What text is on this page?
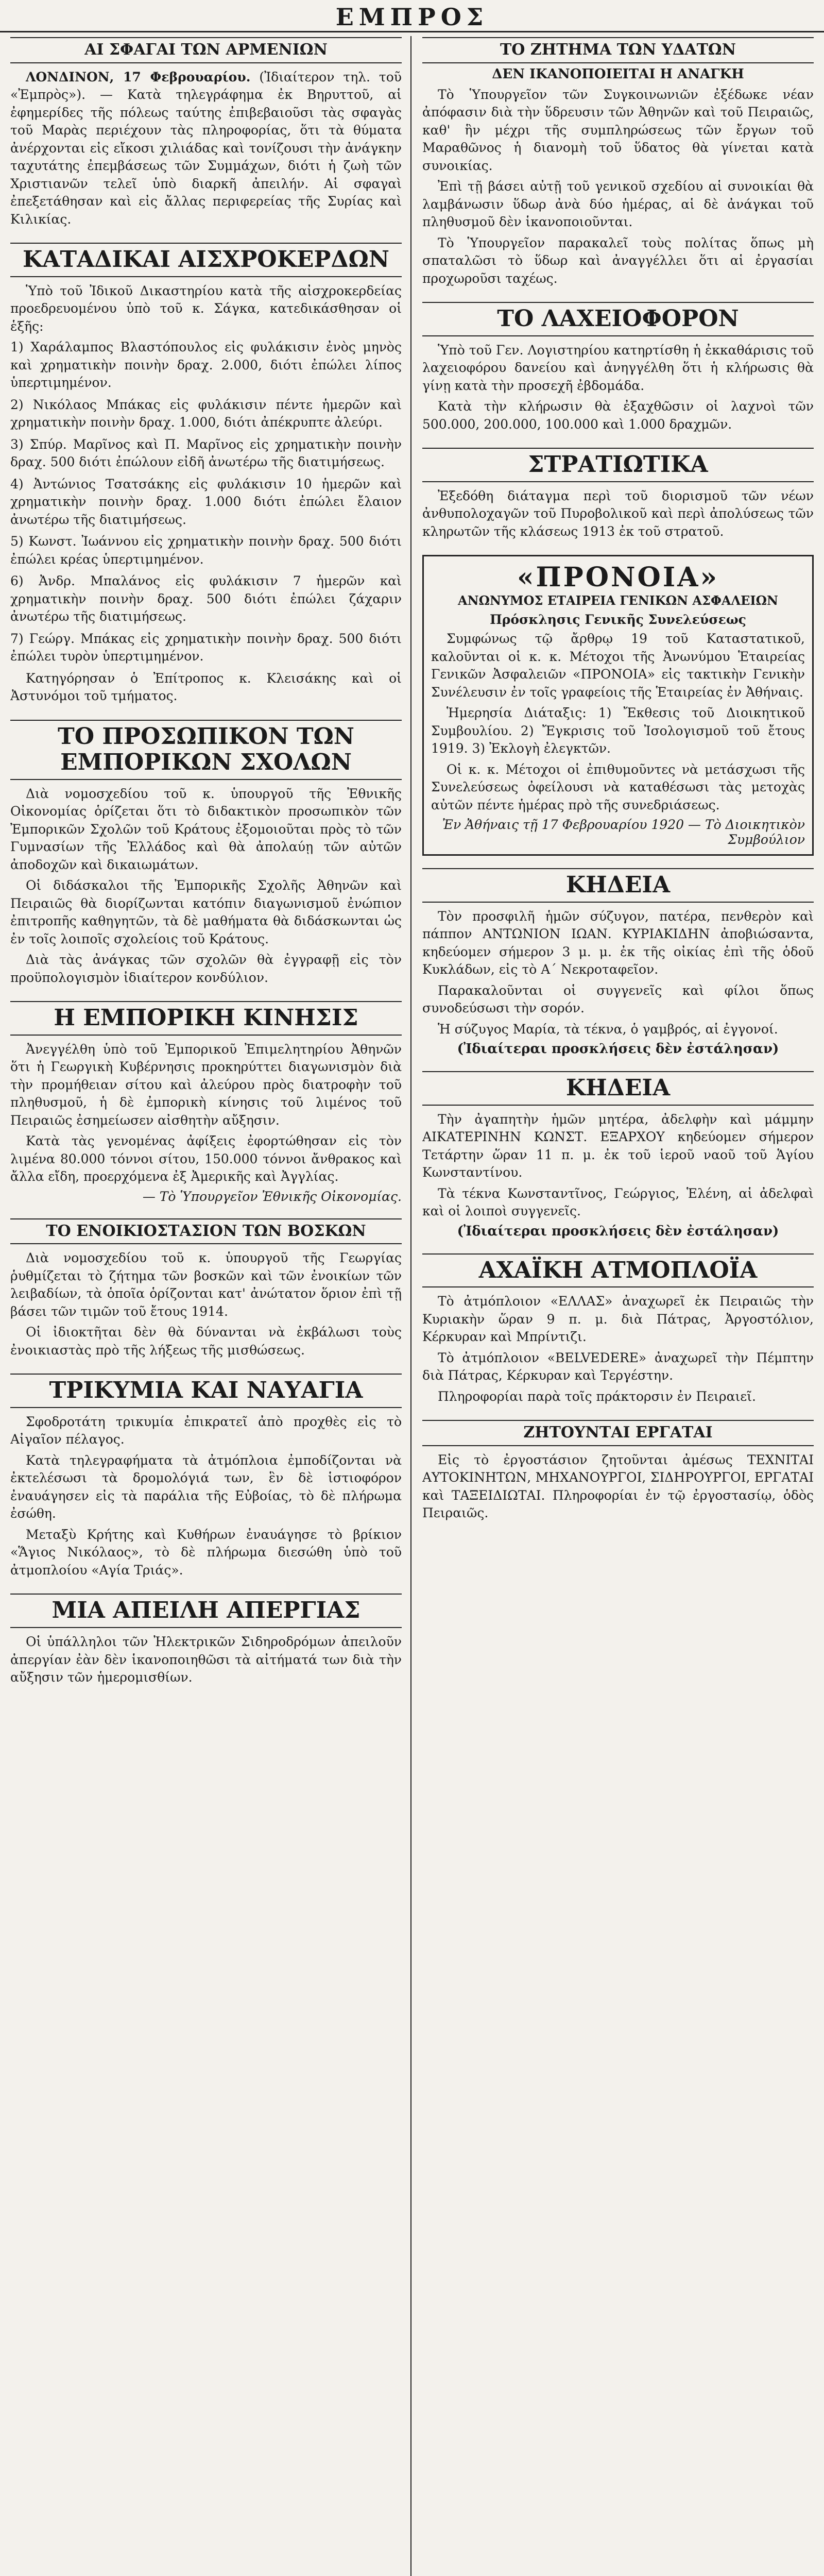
ΕΜΠΡΟΣ
ΑΙ ΣΦΑΓΑΙ ΤΩΝ ΑΡΜΕΝΙΩΝ

ΛΟΝΔΙΝΟΝ, 17 Φεβρουαρίου. (Ἰδιαίτερον τηλ. τοῦ «Ἐμπρὸς»). — Κατὰ τηλεγράφημα ἐκ Βηρυττοῦ, αἱ ἐφημερίδες τῆς πόλεως ταύτης ἐπιβεβαιοῦσι τὰς σφαγὰς τοῦ Μαρὰς περιέχουν τὰς πληροφορίας, ὅτι τὰ θύματα ἀνέρχονται εἰς εἴκοσι χιλιάδας καὶ τονίζουσι τὴν ἀνάγκην ταχυτάτης ἐπεμβάσεως τῶν Συμμάχων, διότι ἡ ζωὴ τῶν Χριστιανῶν τελεῖ ὑπὸ διαρκῆ ἀπειλήν. Αἱ σφαγαὶ ἐπεξετάθησαν καὶ εἰς ἄλλας περιφερείας τῆς Συρίας καὶ Κιλικίας.

ΚΑΤΑΔΙΚΑΙ ΑΙΣΧΡΟΚΕΡΔΩΝ

Ὑπὸ τοῦ Ἰδικοῦ Δικαστηρίου κατὰ τῆς αἰσχροκερδείας προεδρευομένου ὑπὸ τοῦ κ. Σάγκα, κατεδικάσθησαν οἱ ἑξῆς:

1) Χαράλαμπος Βλαστόπουλος εἰς φυλάκισιν ἐνὸς μηνὸς καὶ χρηματικὴν ποινὴν δραχ. 2.000, διότι ἐπώλει λίπος ὑπερτιμημένον.
2) Νικόλαος Μπάκας εἰς φυλάκισιν πέντε ἡμερῶν καὶ χρηματικὴν ποινὴν δραχ. 1.000, διότι ἀπέκρυπτε ἀλεύρι.
3) Σπύρ. Μαρῖνος καὶ Π. Μαρῖνος εἰς χρηματικὴν ποινὴν δραχ. 500 διότι ἐπώλουν εἰδῆ ἀνωτέρω τῆς διατιμήσεως.
4) Ἀντώνιος Τσατσάκης εἰς φυλάκισιν 10 ἡμερῶν καὶ χρηματικὴν ποινὴν δραχ. 1.000 διότι ἐπώλει ἔλαιον ἀνωτέρω τῆς διατιμήσεως.
5) Κωνστ. Ἰωάννου εἰς χρηματικὴν ποινὴν δραχ. 500 διότι ἐπώλει κρέας ὑπερτιμημένον.
6) Ἀνδρ. Μπαλάνος εἰς φυλάκισιν 7 ἡμερῶν καὶ χρηματικὴν ποινὴν δραχ. 500 διότι ἐπώλει ζάχαριν ἀνωτέρω τῆς διατιμήσεως.
7) Γεώργ. Μπάκας εἰς χρηματικὴν ποινὴν δραχ. 500 διότι ἐπώλει τυρὸν ὑπερτιμημένον.

Κατηγόρησαν ὁ Ἐπίτροπος κ. Κλεισάκης καὶ οἱ Ἀστυνόμοι τοῦ τμήματος.

ΤΟ ΠΡΟΣΩΠΙΚΟΝ ΤΩΝ ΕΜΠΟΡΙΚΩΝ ΣΧΟΛΩΝ

Διὰ νομοσχεδίου τοῦ κ. ὑπουργοῦ τῆς Ἐθνικῆς Οἰκονομίας ὁρίζεται ὅτι τὸ διδακτικὸν προσωπικὸν τῶν Ἐμπορικῶν Σχολῶν τοῦ Κράτους ἐξομοιοῦται πρὸς τὸ τῶν Γυμνασίων τῆς Ἐλλάδος καὶ θὰ ἀπολαύῃ τῶν αὐτῶν ἀποδοχῶν καὶ δικαιωμάτων.

Οἱ διδάσκαλοι τῆς Ἐμπορικῆς Σχολῆς Ἀθηνῶν καὶ Πειραιῶς θὰ διορίζωνται κατόπιν διαγωνισμοῦ ἐνώπιον ἐπιτροπῆς καθηγητῶν, τὰ δὲ μαθήματα θὰ διδάσκωνται ὡς ἐν τοῖς λοιποῖς σχολείοις τοῦ Κράτους.

Διὰ τὰς ἀνάγκας τῶν σχολῶν θὰ ἐγγραφῇ εἰς τὸν προϋπολογισμὸν ἰδιαίτερον κονδύλιον.

Η ΕΜΠΟΡΙΚΗ ΚΙΝΗΣΙΣ

Ἀνεγγέλθη ὑπὸ τοῦ Ἐμπορικοῦ Ἐπιμελητηρίου Ἀθηνῶν ὅτι ἡ Γεωργικὴ Κυβέρνησις προκηρύττει διαγωνισμὸν διὰ τὴν προμήθειαν σίτου καὶ ἀλεύρου πρὸς διατροφὴν τοῦ πληθυσμοῦ, ἡ δὲ ἐμπορικὴ κίνησις τοῦ λιμένος τοῦ Πειραιῶς ἐσημείωσεν αἰσθητὴν αὔξησιν.

Κατὰ τὰς γενομένας ἀφίξεις ἐφορτώθησαν εἰς τὸν λιμένα 80.000 τόννοι σίτου, 150.000 τόννοι ἄνθρακος καὶ ἄλλα εἴδη, προερχόμενα ἐξ Ἀμερικῆς καὶ Ἀγγλίας.

— Τὸ Ὑπουργεῖον Ἐθνικῆς Οἰκονομίας.
ΤΟ ΕΝΟΙΚΙΟΣΤΑΣΙΟΝ ΤΩΝ ΒΟΣΚΩΝ

Διὰ νομοσχεδίου τοῦ κ. ὑπουργοῦ τῆς Γεωργίας ῥυθμίζεται τὸ ζήτημα τῶν βοσκῶν καὶ τῶν ἐνοικίων τῶν λειβαδίων, τὰ ὁποῖα ὁρίζονται κατ' ἀνώτατον ὅριον ἐπὶ τῇ βάσει τῶν τιμῶν τοῦ ἔτους 1914.

Οἱ ἰδιοκτῆται δὲν θὰ δύνανται νὰ ἐκβάλωσι τοὺς ἐνοικιαστὰς πρὸ τῆς λήξεως τῆς μισθώσεως.

ΤΡΙΚΥΜΙΑ ΚΑΙ ΝΑΥΑΓΙΑ

Σφοδροτάτη τρικυμία ἐπικρατεῖ ἀπὸ προχθὲς εἰς τὸ Αἰγαῖον πέλαγος.

Κατὰ τηλεγραφήματα τὰ ἀτμόπλοια ἐμποδίζονται νὰ ἐκτελέσωσι τὰ δρομολόγιά των, ἓν δὲ ἱστιοφόρον ἐναυάγησεν εἰς τὰ παράλια τῆς Εὐβοίας, τὸ δὲ πλήρωμα ἐσώθη.

Μεταξὺ Κρήτης καὶ Κυθήρων ἐναυάγησε τὸ βρίκιον «Ἅγιος Νικόλαος», τὸ δὲ πλήρωμα διεσώθη ὑπὸ τοῦ ἀτμοπλοίου «Αγία Τριάς».

ΜΙΑ ΑΠΕΙΛΗ ΑΠΕΡΓΙΑΣ

Οἱ ὑπάλληλοι τῶν Ἠλεκτρικῶν Σιδηροδρόμων ἀπειλοῦν ἀπεργίαν ἐὰν δὲν ἱκανοποιηθῶσι τὰ αἰτήματά των διὰ τὴν αὔξησιν τῶν ἡμερομισθίων.

ΤΟ ΖΗΤΗΜΑ ΤΩΝ ΥΔΑΤΩΝ
ΔΕΝ ΙΚΑΝΟΠΟΙΕΙΤΑΙ Η ΑΝΑΓΚΗ

Τὸ Ὑπουργεῖον τῶν Συγκοινωνιῶν ἐξέδωκε νέαν ἀπόφασιν διὰ τὴν ὕδρευσιν τῶν Ἀθηνῶν καὶ τοῦ Πειραιῶς, καθ' ἣν μέχρι τῆς συμπληρώσεως τῶν ἔργων τοῦ Μαραθῶνος ἡ διανομὴ τοῦ ὕδατος θὰ γίνεται κατὰ συνοικίας.

Ἐπὶ τῇ βάσει αὐτῇ τοῦ γενικοῦ σχεδίου αἱ συνοικίαι θὰ λαμβάνωσιν ὕδωρ ἀνὰ δύο ἡμέρας, αἱ δὲ ἀνάγκαι τοῦ πληθυσμοῦ δὲν ἱκανοποιοῦνται.

Τὸ Ὑπουργεῖον παρακαλεῖ τοὺς πολίτας ὅπως μὴ σπαταλῶσι τὸ ὕδωρ καὶ ἀναγγέλλει ὅτι αἱ ἐργασίαι προχωροῦσι ταχέως.

ΤΟ ΛΑΧΕΙΟΦΟΡΟΝ

Ὑπὸ τοῦ Γεν. Λογιστηρίου κατηρτίσθη ἡ ἐκκαθάρισις τοῦ λαχειοφόρου δανείου καὶ ἀνηγγέλθη ὅτι ἡ κλήρωσις θὰ γίνῃ κατὰ τὴν προσεχῆ ἐβδομάδα.

Κατὰ τὴν κλήρωσιν θὰ ἐξαχθῶσιν οἱ λαχνοὶ τῶν 500.000, 200.000, 100.000 καὶ 1.000 δραχμῶν.

ΣΤΡΑΤΙΩΤΙΚΑ

Ἐξεδόθη διάταγμα περὶ τοῦ διορισμοῦ τῶν νέων ἀνθυπολοχαγῶν τοῦ Πυροβολικοῦ καὶ περὶ ἀπολύσεως τῶν κληρωτῶν τῆς κλάσεως 1913 ἐκ τοῦ στρατοῦ.

«ΠΡΟΝΟΙΑ»
ΑΝΩΝΥΜΟΣ ΕΤΑΙΡΕΙΑ ΓΕΝΙΚΩΝ ΑΣΦΑΛΕΙΩΝ
Πρόσκλησις Γενικῆς Συνελεύσεως

Συμφώνως τῷ ἄρθρῳ 19 τοῦ Καταστατικοῦ, καλοῦνται οἱ κ. κ. Μέτοχοι τῆς Ἀνωνύμου Ἑταιρείας Γενικῶν Ἀσφαλειῶν «ΠΡΟΝΟΙΑ» εἰς τακτικὴν Γενικὴν Συνέλευσιν ἐν τοῖς γραφείοις τῆς Ἑταιρείας ἐν Ἀθήναις.

Ἡμερησία Διάταξις: 1) Ἔκθεσις τοῦ Διοικητικοῦ Συμβουλίου. 2) Ἔγκρισις τοῦ Ἰσολογισμοῦ τοῦ ἔτους 1919. 3) Ἐκλογὴ ἐλεγκτῶν.

Οἱ κ. κ. Μέτοχοι οἱ ἐπιθυμοῦντες νὰ μετάσχωσι τῆς Συνελεύσεως ὀφείλουσι νὰ καταθέσωσι τὰς μετοχὰς αὐτῶν πέντε ἡμέρας πρὸ τῆς συνεδριάσεως.

Ἐν Ἀθήναις τῇ 17 Φεβρουαρίου 1920 — Τὸ Διοικητικὸν Συμβούλιον
ΚΗΔΕΙΑ

Τὸν προσφιλῆ ἡμῶν σύζυγον, πατέρα, πενθερὸν καὶ πάππον ΑΝΤΩΝΙΟΝ ΙΩΑΝ. ΚΥΡΙΑΚΙΔΗΝ ἀποβιώσαντα, κηδεύομεν σήμερον 3 μ. μ. ἐκ τῆς οἰκίας ἐπὶ τῆς ὁδοῦ Κυκλάδων, εἰς τὸ Α΄ Νεκροταφεῖον.

Παρακαλοῦνται οἱ συγγενεῖς καὶ φίλοι ὅπως συνοδεύσωσι τὴν σορόν.

Ἡ σύζυγος Μαρία, τὰ τέκνα, ὁ γαμβρός, αἱ ἐγγονοί.
(Ἰδιαίτεραι προσκλήσεις δὲν ἐστάλησαν)
ΚΗΔΕΙΑ

Τὴν ἀγαπητὴν ἡμῶν μητέρα, ἀδελφὴν καὶ μάμμην ΑΙΚΑΤΕΡΙΝΗΝ ΚΩΝΣΤ. ΕΞΑΡΧΟΥ κηδεύομεν σήμερον Τετάρτην ὥραν 11 π. μ. ἐκ τοῦ ἱεροῦ ναοῦ τοῦ Ἁγίου Κωνσταντίνου.

Τὰ τέκνα Κωνσταντῖνος, Γεώργιος, Ἑλένη, αἱ ἀδελφαὶ καὶ οἱ λοιποὶ συγγενεῖς.
(Ἰδιαίτεραι προσκλήσεις δὲν ἐστάλησαν)
ΑΧΑΪΚΗ ΑΤΜΟΠΛΟΪΑ

Τὸ ἀτμόπλοιον «ΕΛΛΑΣ» ἀναχωρεῖ ἐκ Πειραιῶς τὴν Κυριακὴν ὥραν 9 π. μ. διὰ Πάτρας, Ἀργοστόλιον, Κέρκυραν καὶ Μπρίντιζι.

Τὸ ἀτμόπλοιον «BELVEDERE» ἀναχωρεῖ τὴν Πέμπτην διὰ Πάτρας, Κέρκυραν καὶ Τεργέστην.

Πληροφορίαι παρὰ τοῖς πράκτορσιν ἐν Πειραιεῖ.

ΖΗΤΟΥΝΤΑΙ ΕΡΓΑΤΑΙ

Εἰς τὸ ἐργοστάσιον ζητοῦνται ἀμέσως ΤΕΧΝΙΤΑΙ ΑΥΤΟΚΙΝΗΤΩΝ, ΜΗΧΑΝΟΥΡΓΟΙ, ΣΙΔΗΡΟΥΡΓΟΙ, ΕΡΓΑΤΑΙ καὶ ΤΑΞΕΙΔΙΩΤΑΙ. Πληροφορίαι ἐν τῷ ἐργοστασίῳ, ὁδὸς Πειραιῶς.
